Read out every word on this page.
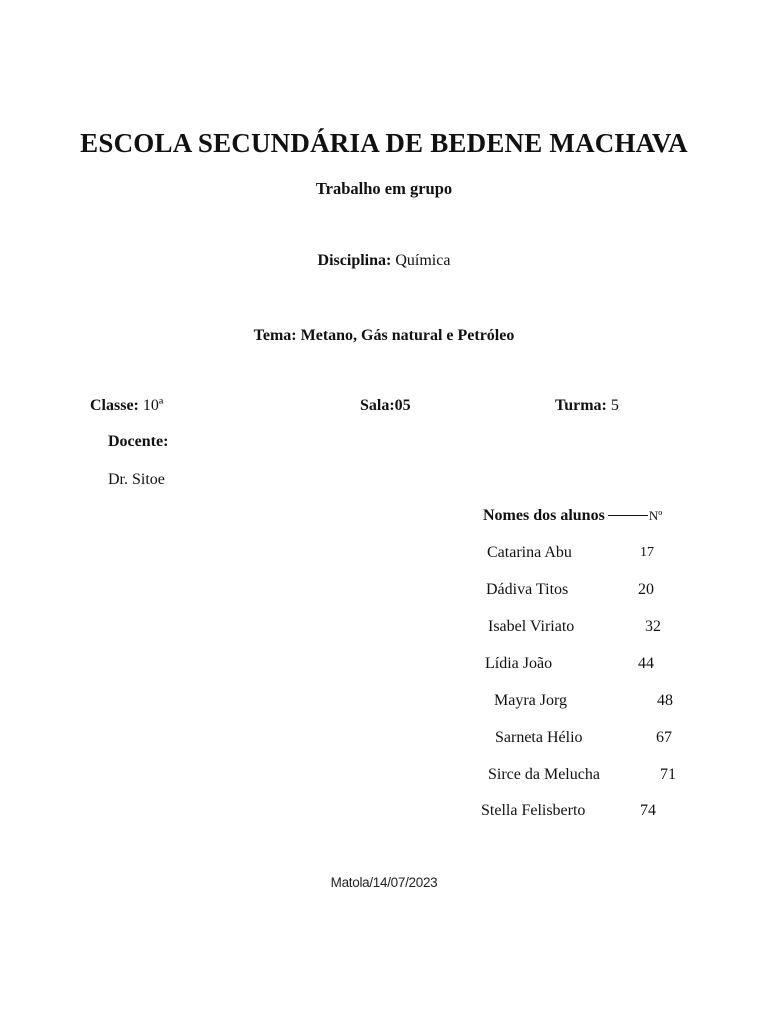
ESCOLA SECUNDÁRIA DE BEDENE MACHAVA
Trabalho em grupo
Disciplina: Química
Tema: Metano, Gás natural e Petróleo
Classe: 10ª	Sala:05	Turma: 5
Docente:
Dr. Sitoe
Nomes dos alunos	Nº
Catarina Abu	17
Dádiva Titos	20
Isabel Viriato	32
Lídia João	44
Mayra Jorg	48
Sarneta Hélio	67
Sirce da Melucha	71
Stella Felisberto	74
Matola/14/07/2023
